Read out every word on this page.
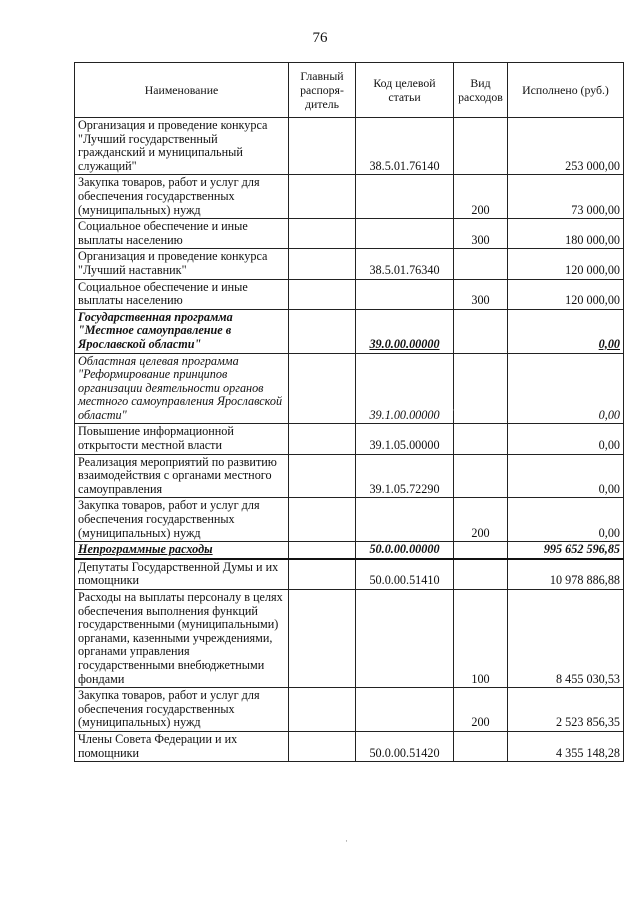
76
Наименование	Главный распоря-дитель	Код целевой статьи	Вид расходов	Исполнено (руб.)
Организация и проведение конкурса "Лучший государственный гражданский и муниципальный служащий"		38.5.01.76140		253 000,00
Закупка товаров, работ и услуг для обеспечения государственных (муниципальных) нужд			200	73 000,00
Социальное обеспечение и иные выплаты населению			300	180 000,00
Организация и проведение конкурса "Лучший наставник"		38.5.01.76340		120 000,00
Социальное обеспечение и иные выплаты населению			300	120 000,00
Государственная программа "Местное самоуправление в Ярославской области"		39.0.00.00000		0,00
Областная целевая программа "Реформирование принципов организации деятельности органов местного самоуправления Ярославской области"		39.1.00.00000		0,00
Повышение информационной открытости местной власти		39.1.05.00000		0,00
Реализация мероприятий по развитию взаимодействия с органами местного самоуправления		39.1.05.72290		0,00
Закупка товаров, работ и услуг для обеспечения государственных (муниципальных) нужд			200	0,00
Непрограммные расходы		50.0.00.00000		995 652 596,85
Депутаты Государственной Думы и их помощники		50.0.00.51410		10 978 886,88
Расходы на выплаты персоналу в целях обеспечения выполнения функций государственными (муниципальными) органами, казенными учреждениями, органами управления государственными внебюджетными фондами			100	8 455 030,53
Закупка товаров, работ и услуг для обеспечения государственных (муниципальных) нужд			200	2 523 856,35
Члены Совета Федерации и их помощники		50.0.00.51420		4 355 148,28
·
·
